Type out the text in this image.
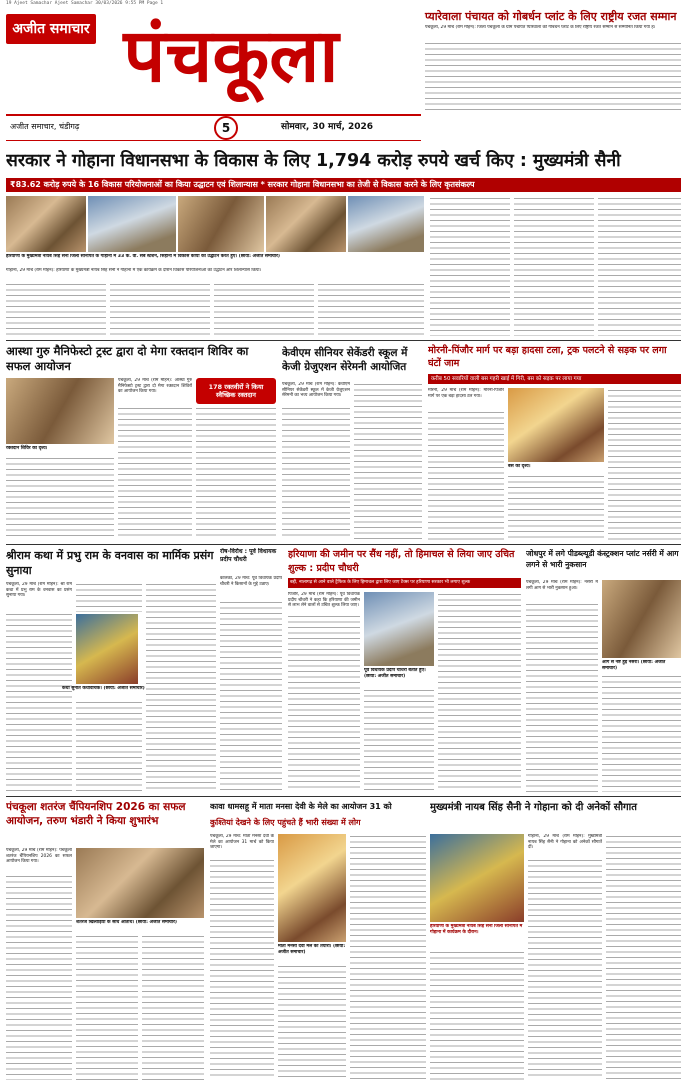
19 Ajeet Samachar Ajeet Samachar 30/03/2026 9:55 PM Page 1
अजीत समाचार पंचकूला
अजीत समाचार, चंडीगढ़	5	सोमवार, 30 मार्च, 2026
प्यारेवाला पंचायत को गोबर्धन प्लांट के लिए राष्ट्रीय रजत सम्मान
पंचकूला, 29 मार्च (राम मोहन): जिला पंचकूला के ग्राम पंचायत प्यारेवाला को गोबर्धन प्लांट के लिए राष्ट्रीय रजत सम्मान से सम्मानित किया गया है।
सरकार ने गोहाना विधानसभा के विकास के लिए 1,794 करोड़ रुपये खर्च किए : मुख्यमंत्री सैनी
₹83.62 करोड़ रुपये के 16 विकास परियोजनाओं का किया उद्घाटन एवं शिलान्यास * सरकार गोहाना विधानसभा का तेजी से विकास करने के लिए कृतसंकल्प
हरियाणा के मुख्यमंत्री नायब सिंह सैनी जिला सोनीपत के गोहाना में 33 के. वी. सब स्टेशन, सिहाना में विकास कार्यों का उद्घाटन करते हुए। (छाया: अजीत समाचार)
गोहाना, 29 मार्च (राम मोहन): हरियाणा के मुख्यमंत्री नायब सिंह सैनी ने गोहाना में एक कार्यक्रम के दौरान विकास परियोजनाओं का उद्घाटन और शिलान्यास किया।
आस्था गुरु मैनिफेस्टो ट्रस्ट द्वारा दो मेगा रक्तदान शिविर का सफल आयोजन
रक्तदान शिविर का दृश्य।
178 रक्तवीरों ने किया स्वैच्छिक रक्तदान
पंचकूला, 29 मार्च (राम मोहन): आस्था गुरु मैनिफेस्टो ट्रस्ट द्वारा दो मेगा रक्तदान शिविरों का आयोजन किया गया।
केवीएम सीनियर सेकेंडरी स्कूल में केजी ग्रेजुएशन सेरेमनी आयोजित
पंचकूला, 29 मार्च (राम मोहन): केवीएम सीनियर सेकेंडरी स्कूल में केजी ग्रेजुएशन सेरेमनी का भव्य आयोजन किया गया।
मोरनी-पिंजौर मार्ग पर बड़ा हादसा टला, ट्रक पलटने से सड़क पर लगा घंटों जाम
करीब 50 सवारियों वाली बस गहरी खाई में गिरी, बस को सड़क पर लाया गया
मोरनी, 29 मार्च (राम मोहन): मोरनी-पिंजौर मार्ग पर एक बड़ा हादसा टल गया।
बस का दृश्य।
श्रीराम कथा में प्रभु राम के वनवास का मार्मिक प्रसंग सुनाया
पंचकूला, 29 मार्च (राम मोहन): श्री राम कथा में प्रभु राम के वनवास का प्रसंग सुनाया गया।
कथा सुनाते कथावाचक। (छाया: अजीत समाचार)
रोष-विरोध : पूर्व विधायक प्रदीप चौधरी
कालका, 29 मार्च: पूर्व विधायक प्रदीप चौधरी ने किसानों के मुद्दे उठाए।
हरियाणा की जमीन पर सैंध नहीं, तो हिमाचल से लिया जाए उचित शुल्क : प्रदीप चौधरी
बद्दी, नालागढ़ से आने वाले ट्रैफिक के लिए हिमाचल द्वारा लिए जाए टैक्स पर हरियाणा सरकार भी लगाए शुल्क
पिंजौर, 29 मार्च (राम मोहन): पूर्व विधायक प्रदीप चौधरी ने कहा कि हरियाणा की जमीन से लाभ लेने वालों से उचित शुल्क लिया जाए।
पूर्व विधायक प्रदीप चौधरी बताते हुए। (छाया: अजीत समाचार)
जोधपुर में लगे पीडब्ल्यूडी कंस्ट्रक्शन प्लांट नर्सरी में आग लगने से भारी नुकसान
पंचकूला, 29 मार्च (राम मोहन): नर्सरी में लगी आग से भारी नुकसान हुआ।
आग से नष्ट हुई नर्सरी। (छाया: अजीत समाचार)
पंचकूला शतरंज चैंपियनशिप 2026 का सफल आयोजन, तरुण भंडारी ने किया शुभारंभ
पंचकूला, 29 मार्च (राम मोहन): पंचकूला शतरंज चैंपियनशिप 2026 का सफल आयोजन किया गया।
शतरंज खिलाड़ियों के साथ अतिथि। (छाया: अजीत समाचार)
कावा धामसहू में माता मनसा देवी के मेले का आयोजन 31 को
कुश्तियां देखने के लिए पहुंचते हैं भारी संख्या में लोग
पंचकूला, 29 मार्च: माता मनसा देवी के मेले का आयोजन 31 मार्च को किया जाएगा।
माता मनसा देवी मेले की तैयारी। (छाया: अजीत समाचार)
मुख्यमंत्री नायब सिंह सैनी ने गोहाना को दी अनेकों सौगात
हरियाणा के मुख्यमंत्री नायब सिंह सैनी जिला सोनीपत में गोहाना में कार्यक्रम के दौरान।
गोहाना, 29 मार्च (राम मोहन): मुख्यमंत्री नायब सिंह सैनी ने गोहाना को अनेकों सौगातें दीं।
